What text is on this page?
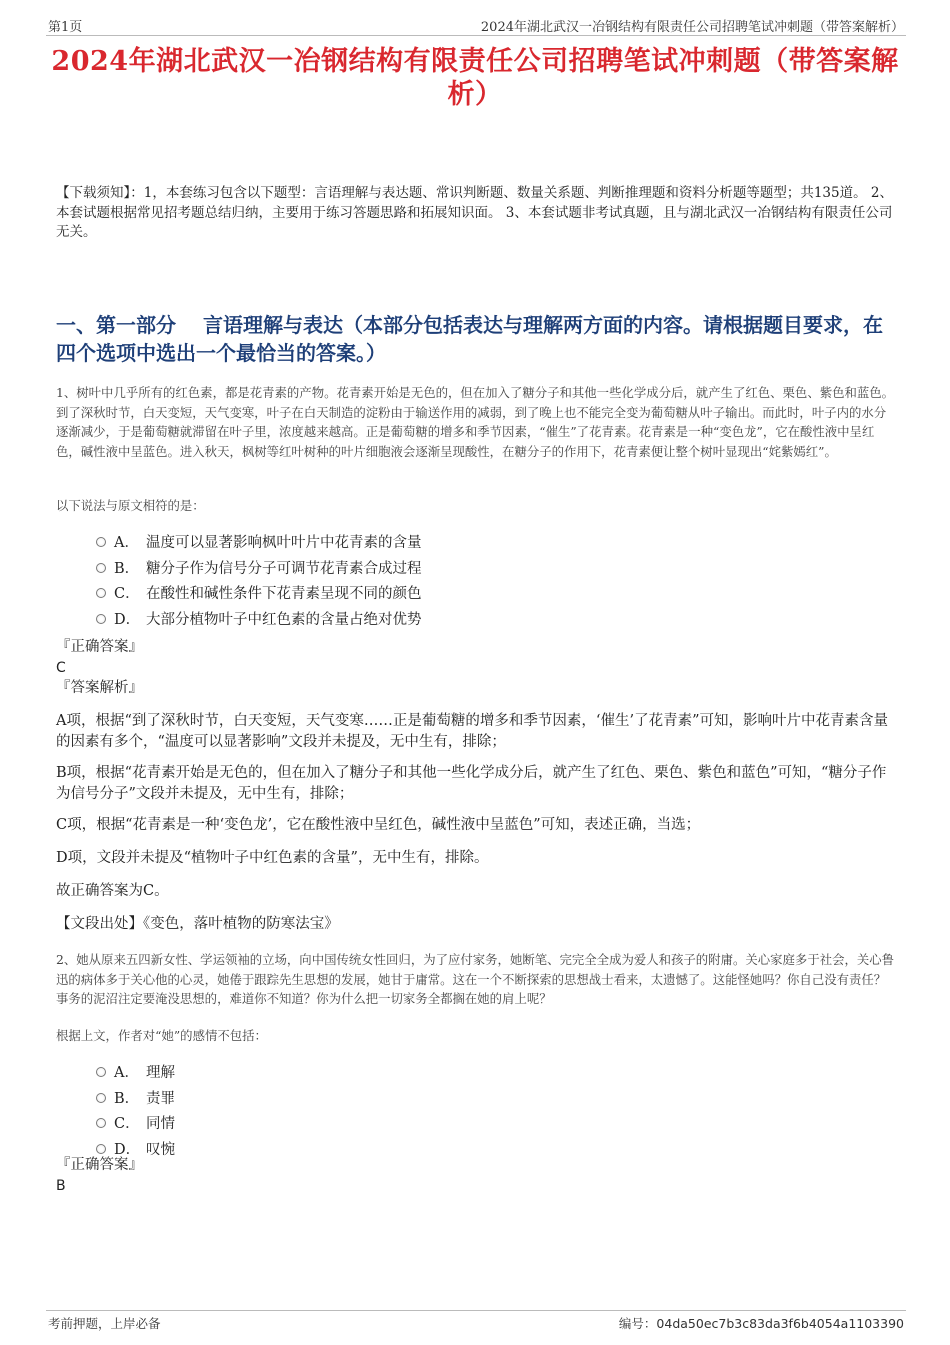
第1页	2024年湖北武汉一冶钢结构有限责任公司招聘笔试冲刺题（带答案解析）
2024年湖北武汉一冶钢结构有限责任公司招聘笔试冲刺题（带答案解析）

【下载须知】：1，本套练习包含以下题型：言语理解与表达题、常识判断题、数量关系题、判断推理题和资料分析题等题型；共135道。 2、本套试题根据常见招考题总结归纳，主要用于练习答题思路和拓展知识面。 3、本套试题非考试真题，且与湖北武汉一冶钢结构有限责任公司无关。

一、第一部分　 言语理解与表达（本部分包括表达与理解两方面的内容。请根据题目要求，在四个选项中选出一个最恰当的答案。）

1、树叶中几乎所有的红色素，都是花青素的产物。花青素开始是无色的，但在加入了糖分子和其他一些化学成分后，就产生了红色、栗色、紫色和蓝色。到了深秋时节，白天变短，天气变寒，叶子在白天制造的淀粉由于输送作用的减弱，到了晚上也不能完全变为葡萄糖从叶子输出。而此时，叶子内的水分逐渐减少，于是葡萄糖就滞留在叶子里，浓度越来越高。正是葡萄糖的增多和季节因素，“催生”了花青素。花青素是一种“变色龙”，它在酸性液中呈红色，碱性液中呈蓝色。进入秋天，枫树等红叶树种的叶片细胞液会逐渐呈现酸性，在糖分子的作用下，花青素便让整个树叶显现出“姹紫嫣红”。

以下说法与原文相符的是：

A． 温度可以显著影响枫叶叶片中花青素的含量
B． 糖分子作为信号分子可调节花青素合成过程
C． 在酸性和碱性条件下花青素呈现不同的颜色
D． 大部分植物叶子中红色素的含量占绝对优势
『正确答案』
C
『答案解析』

A项，根据“到了深秋时节，白天变短，天气变寒……正是葡萄糖的增多和季节因素，‘催生’了花青素”可知，影响叶片中花青素含量的因素有多个，“温度可以显著影响”文段并未提及，无中生有，排除；

B项，根据“花青素开始是无色的，但在加入了糖分子和其他一些化学成分后，就产生了红色、栗色、紫色和蓝色”可知，“糖分子作为信号分子”文段并未提及，无中生有，排除；

C项，根据“花青素是一种‘变色龙’，它在酸性液中呈红色，碱性液中呈蓝色”可知，表述正确，当选；

D项，文段并未提及“植物叶子中红色素的含量”，无中生有，排除。

故正确答案为C。

【文段出处】《变色，落叶植物的防寒法宝》

2、她从原来五四新女性、学运领袖的立场，向中国传统女性回归，为了应付家务，她断笔、完完全全成为爱人和孩子的附庸。关心家庭多于社会，关心鲁迅的病体多于关心他的心灵，她倦于跟踪先生思想的发展，她甘于庸常。这在一个不断探索的思想战士看来，太遗憾了。这能怪她吗？你自己没有责任？事务的泥沼注定要淹没思想的，难道你不知道？你为什么把一切家务全都搁在她的肩上呢？

根据上文，作者对“她”的感情不包括：

A． 理解
B． 责罪
C． 同情
D． 叹惋
『正确答案』
B
考前押题，上岸必备	编号：04da50ec7b3c83da3f6b4054a1103390
